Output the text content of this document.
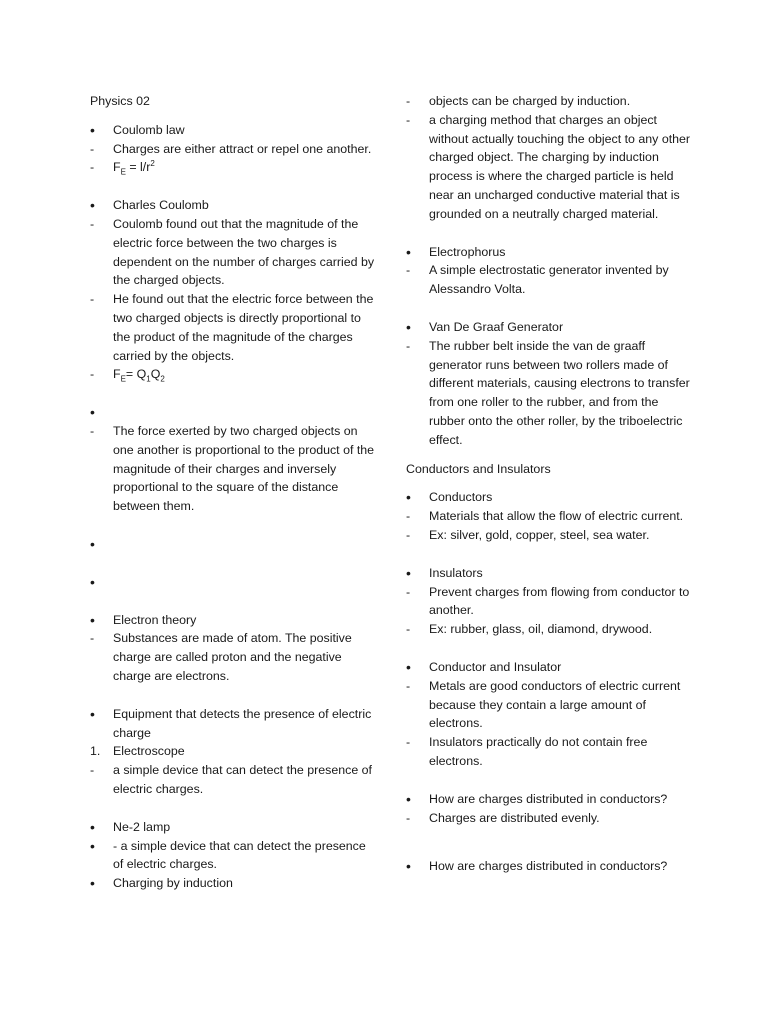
Physics 02

•	Coulomb law

-	Charges are either attract or repel one another.

-	$F_E = l/r^2$

•	Charles Coulomb

-	Coulomb found out that the magnitude of the electric force between the two charges is dependent on the number of charges carried by the charged objects.

-	He found out that the electric force between the two charged objects is directly proportional to the product of the magnitude of the charges carried by the objects.

-	$F_E= Q_1Q_2$

•

-	The force exerted by two charged objects on one another is proportional to the product of the magnitude of their charges and inversely proportional to the square of the distance between them.

•

•

•	Electron theory

-	Substances are made of atom. The positive charge are called proton and the negative charge are electrons.

•	Equipment that detects the presence of electric charge

1.	Electroscope

-	a simple device that can detect the presence of electric charges.

•	Ne-2 lamp

•	- a simple device that can detect the presence of electric charges.

•	Charging by induction

-	objects can be charged by induction.

-	a charging method that charges an object without actually touching the object to any other charged object. The charging by induction process is where the charged particle is held near an uncharged conductive material that is grounded on a neutrally charged material.

•	Electrophorus

-	A simple electrostatic generator invented by Alessandro Volta.

•	Van De Graaf Generator

-	The rubber belt inside the van de graaff generator runs between two rollers made of different materials, causing electrons to transfer from one roller to the rubber, and from the rubber onto the other roller, by the triboelectric effect.

Conductors and Insulators

•	Conductors

-	Materials that allow the flow of electric current.

-	Ex: silver, gold, copper, steel, sea water.

•	Insulators

-	Prevent charges from flowing from conductor to another.

-	Ex: rubber, glass, oil, diamond, drywood.

•	Conductor and Insulator

-	Metals are good conductors of electric current because they contain a large amount of electrons.

-	Insulators practically do not contain free electrons.

•	How are charges distributed in conductors?

-	Charges are distributed evenly.

•	How are charges distributed in conductors?
